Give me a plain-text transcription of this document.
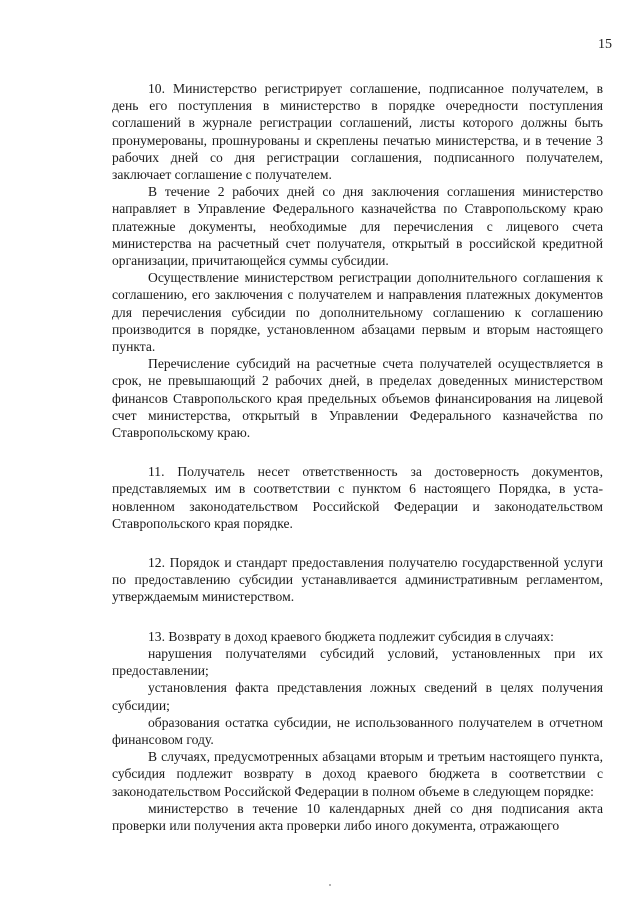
15

10. Министерство регистрирует соглашение, подписанное получателем, в день его поступления в министерство в порядке очередности поступления соглашений в журнале регистрации соглашений, листы которого должны быть пронумерованы, прошнурованы и скреплены печатью министерства, и в течение 3 рабочих дней со дня регистрации соглашения, подписанного получателем, заключает соглашение с получателем.

В течение 2 рабочих дней со дня заключения соглашения министерство направляет в Управление Федерального казначейства по Ставропольскому краю платежные документы, необходимые для перечисления с лицевого счета министерства на расчетный счет получателя, открытый в российской кредитной организации, причитающейся суммы субсидии.

Осуществление министерством регистрации дополнительного соглашения к соглашению, его заключения с получателем и направления платежных документов для перечисления субсидии по дополнительному соглашению к соглашению производится в порядке, установленном абзацами первым и вторым настоящего пункта.

Перечисление субсидий на расчетные счета получателей осуществляется в срок, не превышающий 2 рабочих дней, в пределах доведенных министерством финансов Ставропольского края предельных объемов финансирования на лицевой счет министерства, открытый в Управлении Федерального казначейства по Ставропольскому краю.

11. Получатель несет ответственность за достоверность документов, представляемых им в соответствии с пунктом 6 настоящего Порядка, в установленном законодательством Российской Федерации и законодательством Ставропольского края порядке.

12. Порядок и стандарт предоставления получателю государственной услуги по предоставлению субсидии устанавливается административным регламентом, утверждаемым министерством.

13. Возврату в доход краевого бюджета подлежит субсидия в случаях:

нарушения получателями субсидий условий, установленных при их предоставлении;

установления факта представления ложных сведений в целях получения субсидии;

образования остатка субсидии, не использованного получателем в отчетном финансовом году.

В случаях, предусмотренных абзацами вторым и третьим настоящего пункта, субсидия подлежит возврату в доход краевого бюджета в соответствии с законодательством Российской Федерации в полном объеме в следующем порядке:

министерство в течение 10 календарных дней со дня подписания акта проверки или получения акта проверки либо иного документа, отражающего
